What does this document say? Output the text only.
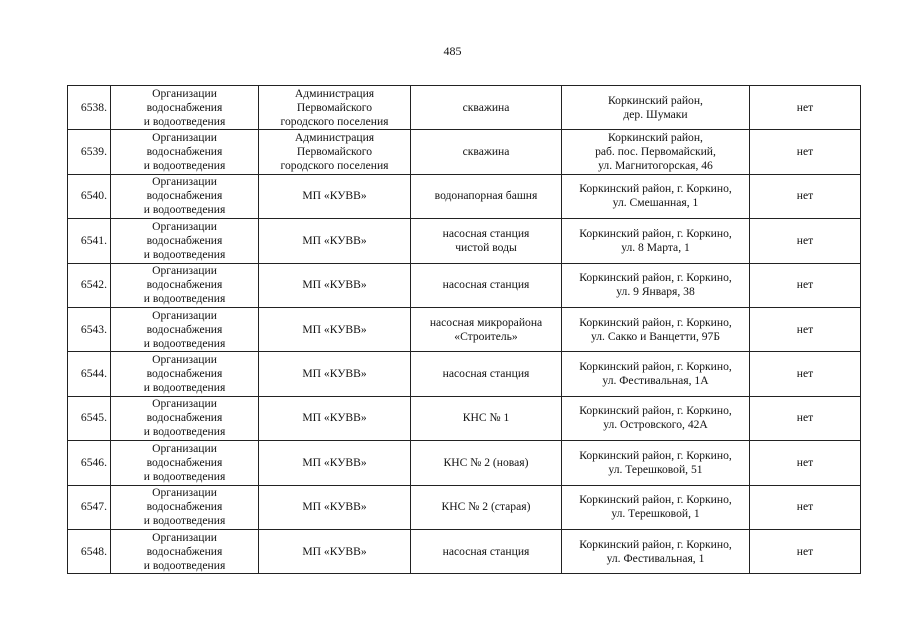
485
6538.	Организации
водоснабжения
и водоотведения	Администрация
Первомайского
городского поселения	скважина	Коркинский район,
дер. Шумаки	нет
6539.	Организации
водоснабжения
и водоотведения	Администрация
Первомайского
городского поселения	скважина	Коркинский район,
раб. пос. Первомайский,
ул. Магнитогорская, 46	нет
6540.	Организации
водоснабжения
и водоотведения	МП «КУВВ»	водонапорная башня	Коркинский район, г. Коркино,
ул. Смешанная, 1	нет
6541.	Организации
водоснабжения
и водоотведения	МП «КУВВ»	насосная станция
чистой воды	Коркинский район, г. Коркино,
ул. 8 Марта, 1	нет
6542.	Организации
водоснабжения
и водоотведения	МП «КУВВ»	насосная станция	Коркинский район, г. Коркино,
ул. 9 Января, 38	нет
6543.	Организации
водоснабжения
и водоотведения	МП «КУВВ»	насосная микрорайона
«Строитель»	Коркинский район, г. Коркино,
ул. Сакко и Ванцетти, 97Б	нет
6544.	Организации
водоснабжения
и водоотведения	МП «КУВВ»	насосная станция	Коркинский район, г. Коркино,
ул. Фестивальная, 1А	нет
6545.	Организации
водоснабжения
и водоотведения	МП «КУВВ»	КНС № 1	Коркинский район, г. Коркино,
ул. Островского, 42А	нет
6546.	Организации
водоснабжения
и водоотведения	МП «КУВВ»	КНС № 2 (новая)	Коркинский район, г. Коркино,
ул. Терешковой, 51	нет
6547.	Организации
водоснабжения
и водоотведения	МП «КУВВ»	КНС № 2 (старая)	Коркинский район, г. Коркино,
ул. Терешковой, 1	нет
6548.	Организации
водоснабжения
и водоотведения	МП «КУВВ»	насосная станция	Коркинский район, г. Коркино,
ул. Фестивальная, 1	нет
